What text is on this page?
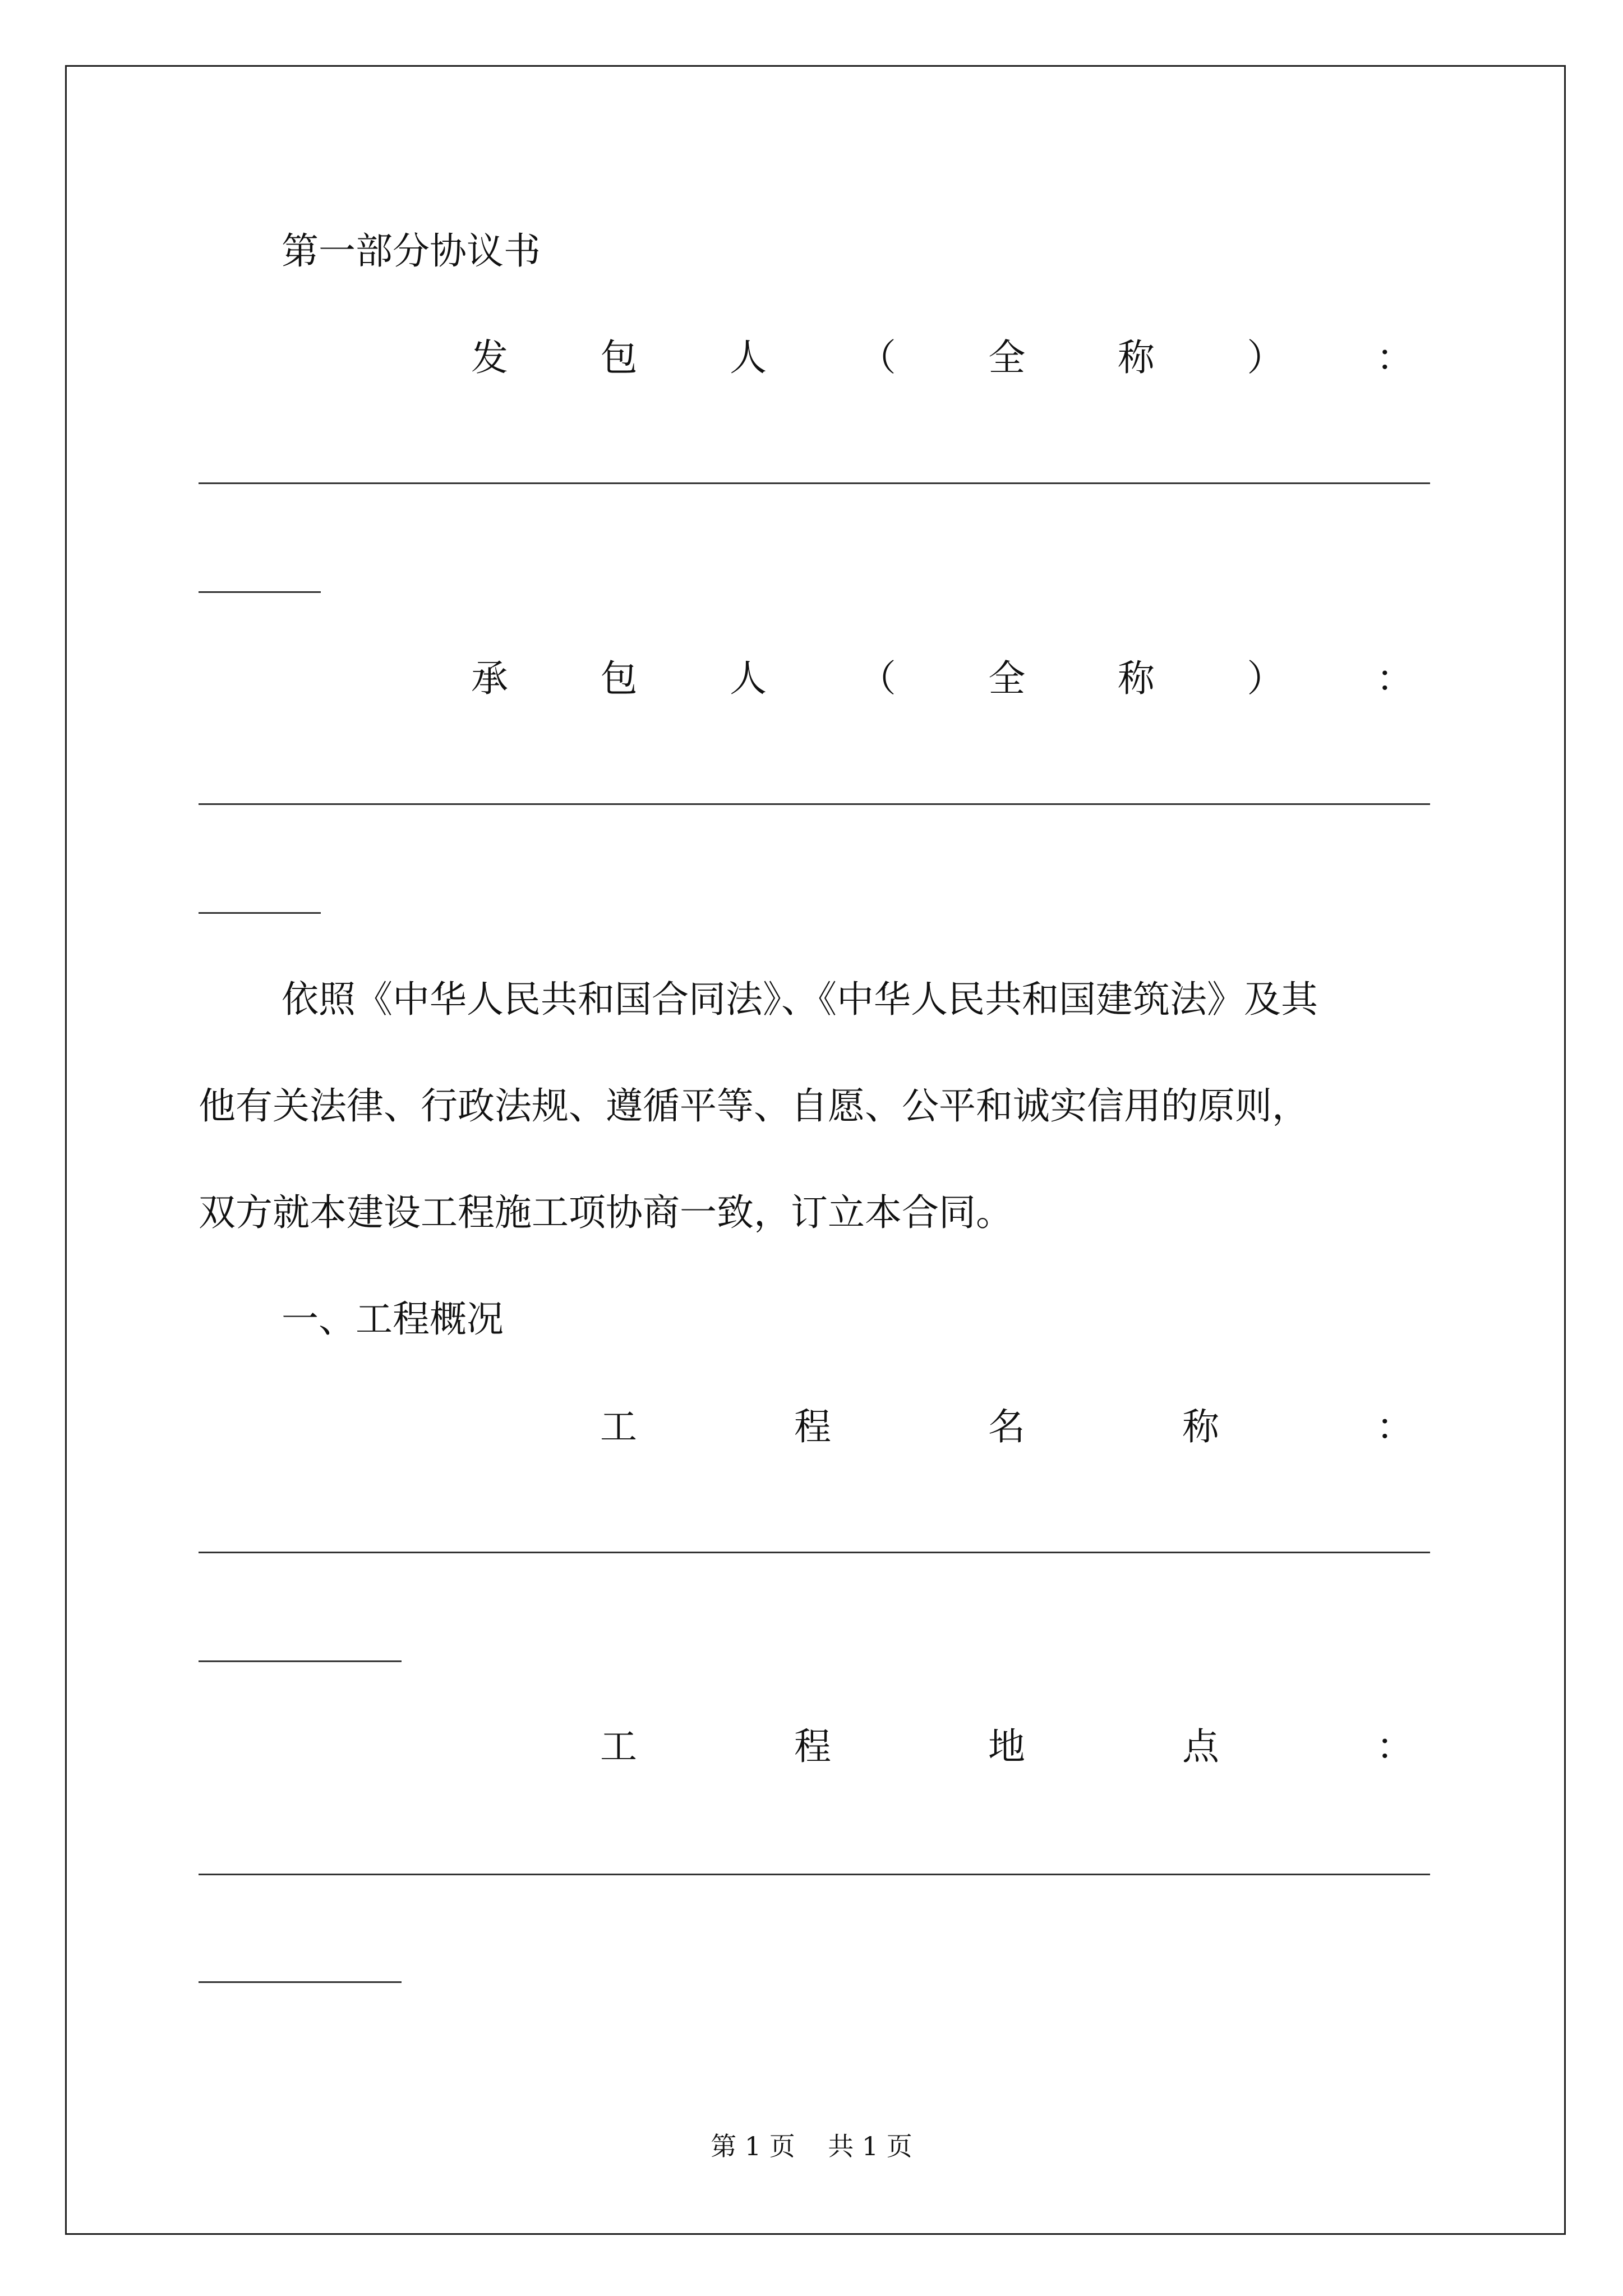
第一部分协议书

发 包 人 （ 全 称 ） ：
承 包 人 （ 全 称 ） ：

依照《中华人民共和国合同法》、《中华人民共和国建筑法》及其

他有关法律、行政法规、遵循平等、自愿、公平和诚实信用的原则，

双方就本建设工程施工项协商一致，订立本合同。

一、工程概况

工	程	名	称	：
工	程	地	点	：
第 1 页    共 1 页
